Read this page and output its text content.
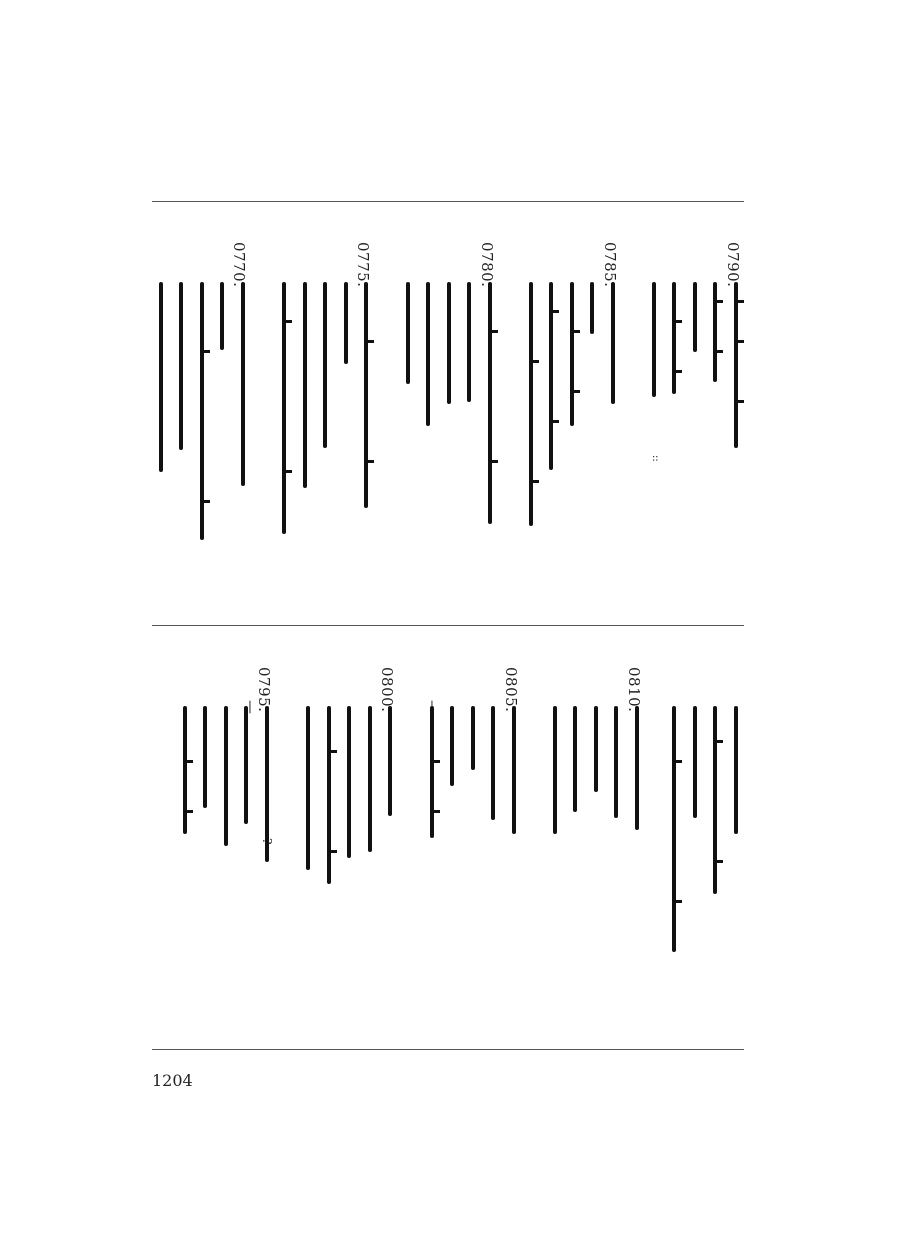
0790.
0785.
0780.
0775.
0770.
0810.
0805.
0800.
0795.
::
—
—
?
1204
